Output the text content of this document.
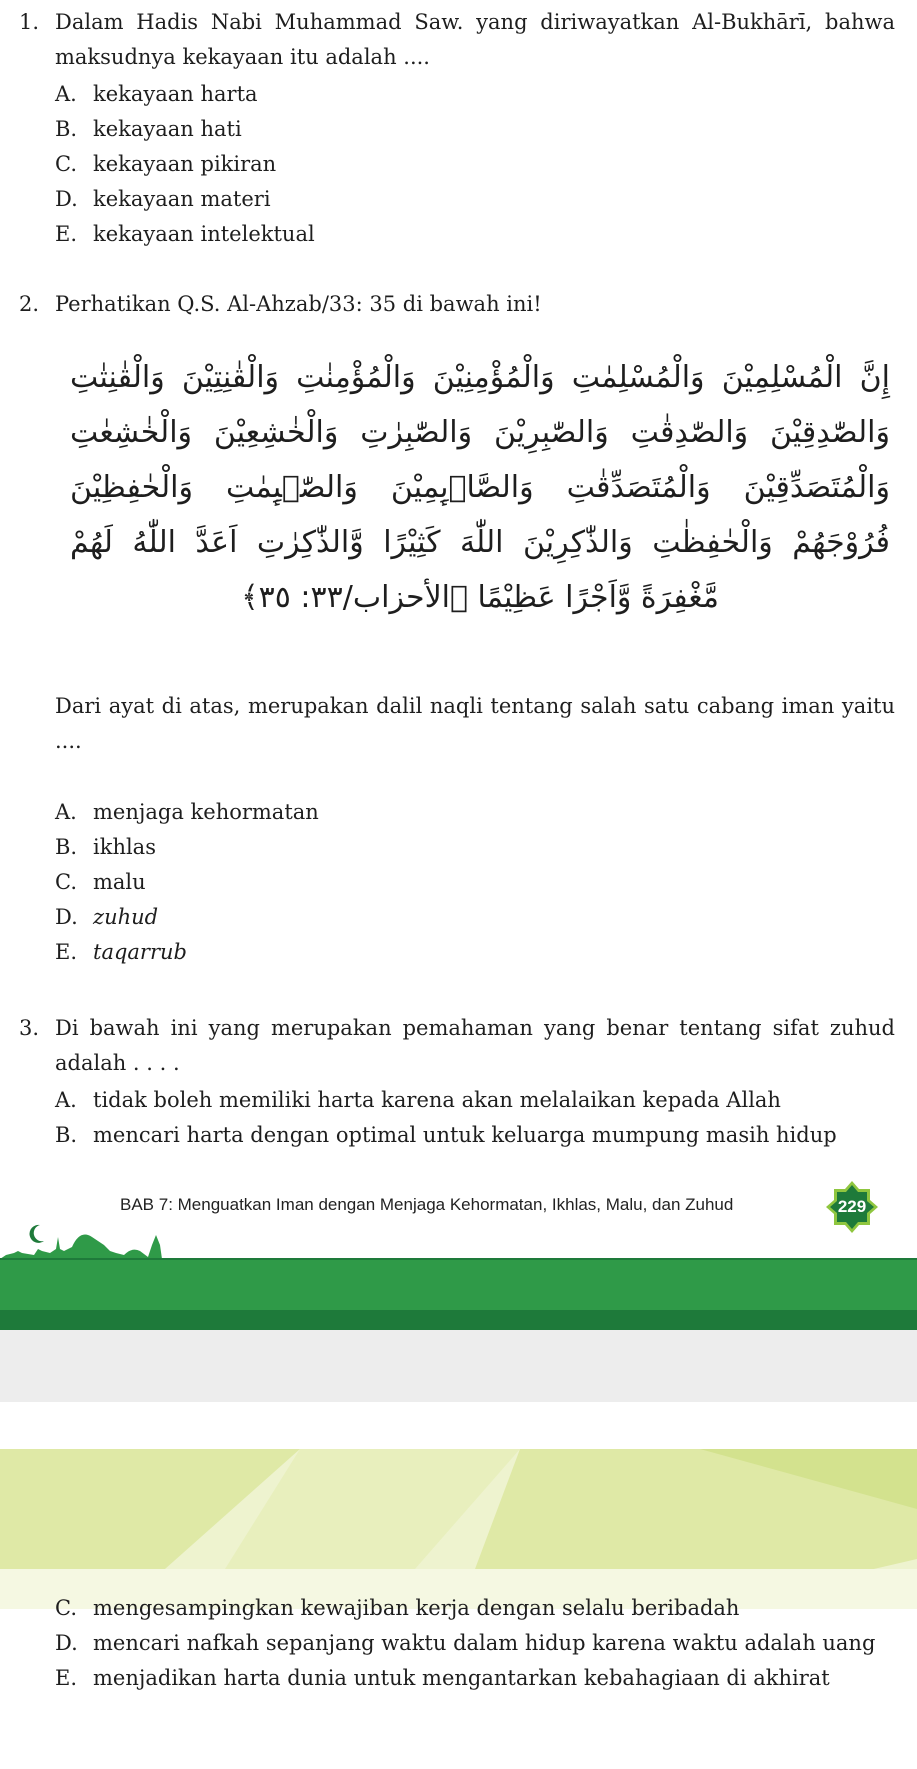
1. Dalam Hadis Nabi Muhammad Saw. yang diriwayatkan Al-Bukhārī, bahwa maksudnya kekayaan itu adalah ....
A. kekayaan harta
B. kekayaan hati
C. kekayaan pikiran
D. kekayaan materi
E. kekayaan intelektual
2. Perhatikan Q.S. Al-Ahzab/33: 35 di bawah ini!
إِنَّ الْمُسْلِمِيْنَ وَالْمُسْلِمٰتِ وَالْمُؤْمِنِيْنَ وَالْمُؤْمِنٰتِ وَالْقٰنِتِيْنَ وَالْقٰنِتٰتِ وَالصّٰدِقِيْنَ وَالصّٰدِقٰتِ وَالصّٰبِرِيْنَ وَالصّٰبِرٰتِ وَالْخٰشِعِيْنَ وَالْخٰشِعٰتِ وَالْمُتَصَدِّقِيْنَ وَالْمُتَصَدِّقٰتِ وَالصَّاۤىِٕمِيْنَ وَالصّٰۤىِٕمٰتِ وَالْحٰفِظِيْنَ فُرُوْجَهُمْ وَالْحٰفِظٰتِ وَالذّٰكِرِيْنَ اللّٰهَ كَثِيْرًا وَّالذّٰكِرٰتِ اَعَدَّ اللّٰهُ لَهُمْ مَّغْفِرَةً وَّاَجْرًا عَظِيْمًا ﴿الأحزاب/٣٣: ٣٥﴾
Dari ayat di atas, merupakan dalil naqli tentang salah satu cabang iman yaitu ....
A. menjaga kehormatan
B. ikhlas
C. malu
D. zuhud
E. taqarrub
3. Di bawah ini yang merupakan pemahaman yang benar tentang sifat zuhud adalah . . . .
A. tidak boleh memiliki harta karena akan melalaikan kepada Allah
B. mencari harta dengan optimal untuk keluarga mumpung masih hidup
BAB 7: Menguatkan Iman dengan Menjaga Kehormatan, Ikhlas, Malu, dan Zuhud	229
C. mengesampingkan kewajiban kerja dengan selalu beribadah
D. mencari nafkah sepanjang waktu dalam hidup karena waktu adalah uang
E. menjadikan harta dunia untuk mengantarkan kebahagiaan di akhirat
